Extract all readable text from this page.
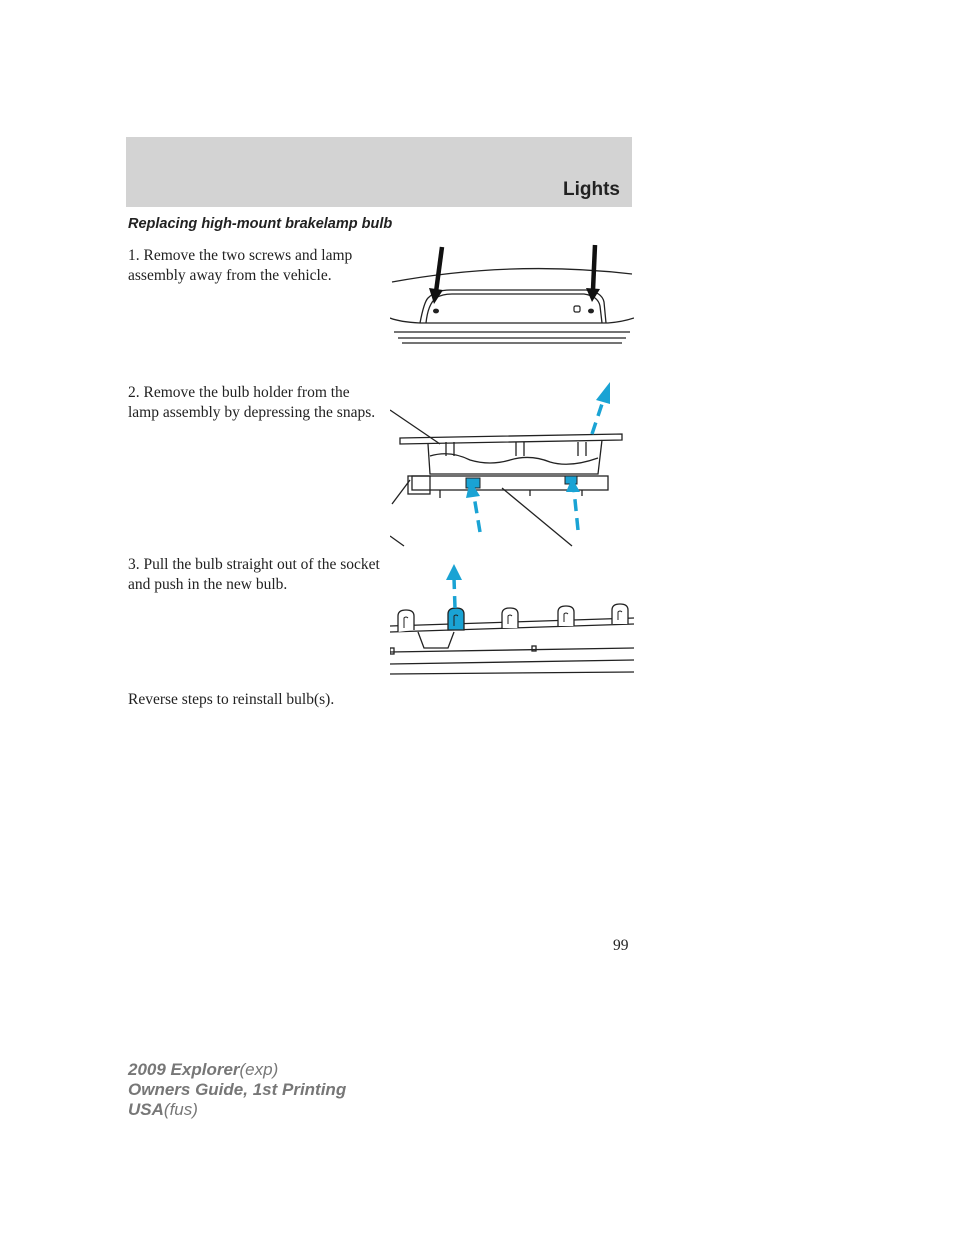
Lights
Replacing high-mount brakelamp bulb
1. Remove the two screws and lamp assembly away from the vehicle.
2. Remove the bulb holder from the lamp assembly by depressing the snaps.
3. Pull the bulb straight out of the socket and push in the new bulb.
Reverse steps to reinstall bulb(s).
99
2009 Explorer(exp)
Owners Guide, 1st Printing
USA(fus)
